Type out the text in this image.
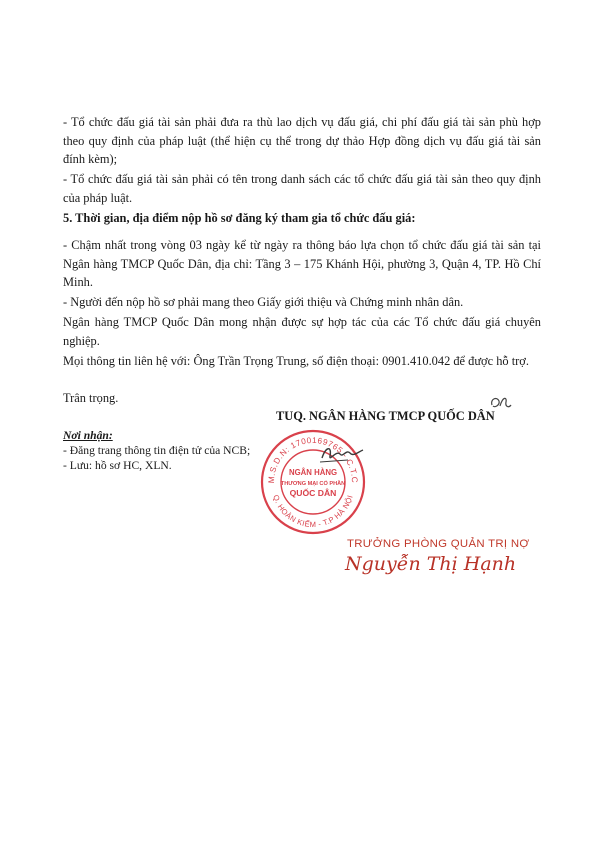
- Tổ chức đấu giá tài sản phải đưa ra thù lao dịch vụ đấu giá, chi phí đấu giá tài sản phù hợp theo quy định của pháp luật (thể hiện cụ thể trong dự thảo Hợp đồng dịch vụ đấu giá tài sản đính kèm);
- Tổ chức đấu giá tài sản phải có tên trong danh sách các tổ chức đấu giá tài sản theo quy định của pháp luật.
5. Thời gian, địa điểm nộp hồ sơ đăng ký tham gia tổ chức đấu giá:
- Chậm nhất trong vòng 03 ngày kể từ ngày ra thông báo lựa chọn tổ chức đấu giá tài sản tại Ngân hàng TMCP Quốc Dân, địa chỉ: Tầng 3 – 175 Khánh Hội, phường 3, Quận 4, TP. Hồ Chí Minh.
- Người đến nộp hồ sơ phải mang theo Giấy giới thiệu và Chứng minh nhân dân.
Ngân hàng TMCP Quốc Dân mong nhận được sự hợp tác của các Tổ chức đấu giá chuyên nghiệp.
Mọi thông tin liên hệ với: Ông Trần Trọng Trung, số điện thoại: 0901.410.042 để được hỗ trợ.
Trân trọng.
Nơi nhận:
- Đăng trang thông tin điện tử của NCB;
- Lưu: hồ sơ HC, XLN.
TUQ. NGÂN HÀNG TMCP QUỐC DÂN
M.S.D.N: 1700169765 - C.T.C
Q. HOÀN KIẾM - T.P HÀ NỘI
NGÂN HÀNG
THƯƠNG MẠI CỔ PHẦN
QUỐC DÂN
TRƯỞNG PHÒNG QUẢN TRỊ NỢ
Nguyễn Thị Hạnh
